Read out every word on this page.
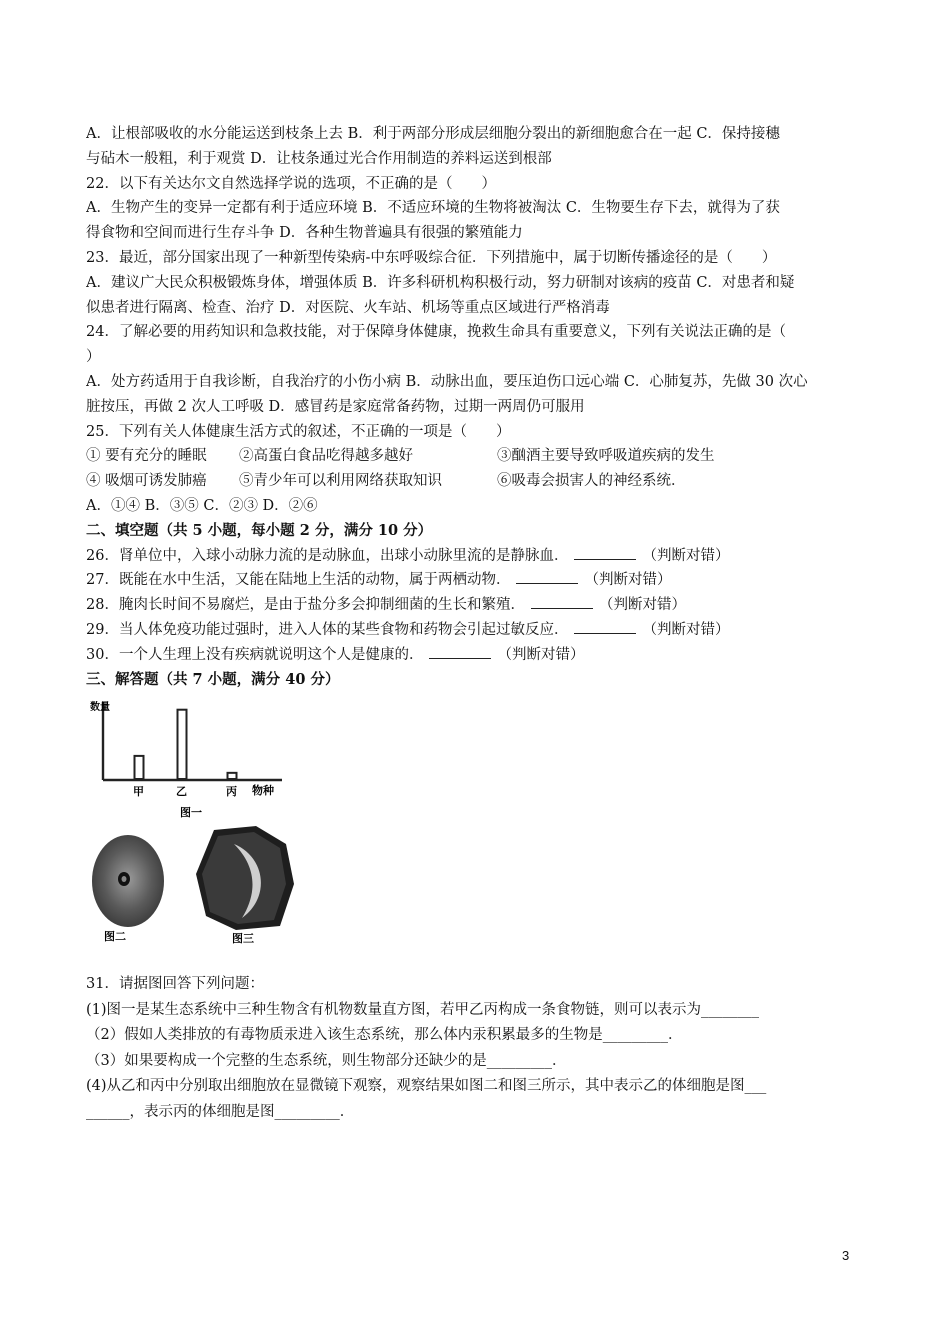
A．让根部吸收的水分能运送到枝条上去 B．利于两部分形成层细胞分裂出的新细胞愈合在一起 C．保持接穗
与砧木一般粗，利于观赏 D．让枝条通过光合作用制造的养料运送到根部
22．以下有关达尔文自然选择学说的选项，不正确的是（　　）
A．生物产生的变异一定都有利于适应环境 B．不适应环境的生物将被淘汰 C．生物要生存下去，就得为了获
得食物和空间而进行生存斗争 D．各种生物普遍具有很强的繁殖能力
23．最近，部分国家出现了一种新型传染病-中东呼吸综合征．下列措施中，属于切断传播途径的是（　　）
A．建议广大民众积极锻炼身体，增强体质 B．许多科研机构积极行动，努力研制对该病的疫苗 C．对患者和疑
似患者进行隔离、检查、治疗 D．对医院、火车站、机场等重点区域进行严格消毒
24．了解必要的用药知识和急救技能，对于保障身体健康，挽救生命具有重要意义，下列有关说法正确的是（
）
A．处方药适用于自我诊断，自我治疗的小伤小病 B．动脉出血，要压迫伤口远心端 C．心肺复苏，先做 30 次心
脏按压，再做 2 次人工呼吸 D．感冒药是家庭常备药物，过期一两周仍可服用
25．下列有关人体健康生活方式的叙述，不正确的一项是（　　）
① 要有充分的睡眠 ②高蛋白食品吃得越多越好	③酗酒主要导致呼吸道疾病的发生
④ 吸烟可诱发肺癌 ⑤青少年可以利用网络获取知识	⑥吸毒会损害人的神经系统．
A．①④ B．③⑤ C．②③ D．②⑥
二、填空题（共 5 小题，每小题 2 分，满分 10 分）
26．肾单位中，入球小动脉力流的是动脉血，出球小动脉里流的是静脉血．	（判断对错）
27．既能在水中生活，又能在陆地上生活的动物，属于两栖动物．	（判断对错）
28．腌肉长时间不易腐烂，是由于盐分多会抑制细菌的生长和繁殖．	（判断对错）
29．当人体免疫功能过强时，进入人体的某些食物和药物会引起过敏反应．	（判断对错）
30．一个人生理上没有疾病就说明这个人是健康的．	（判断对错）
三、解答题（共 7 小题，满分 40 分）
数量
物种
甲	乙	丙
图一
图二	图三
31．请据图回答下列问题：
(1)图一是某生态系统中三种生物含有机物数量直方图，若甲乙丙构成一条食物链，则可以表示为________
（2）假如人类排放的有毒物质汞进入该生态系统，那么体内汞积累最多的生物是_________．
（3）如果要构成一个完整的生态系统，则生物部分还缺少的是_________．
(4)从乙和丙中分别取出细胞放在显微镜下观察，观察结果如图二和图三所示，其中表示乙的体细胞是图___
______，表示丙的体细胞是图_________．
3
